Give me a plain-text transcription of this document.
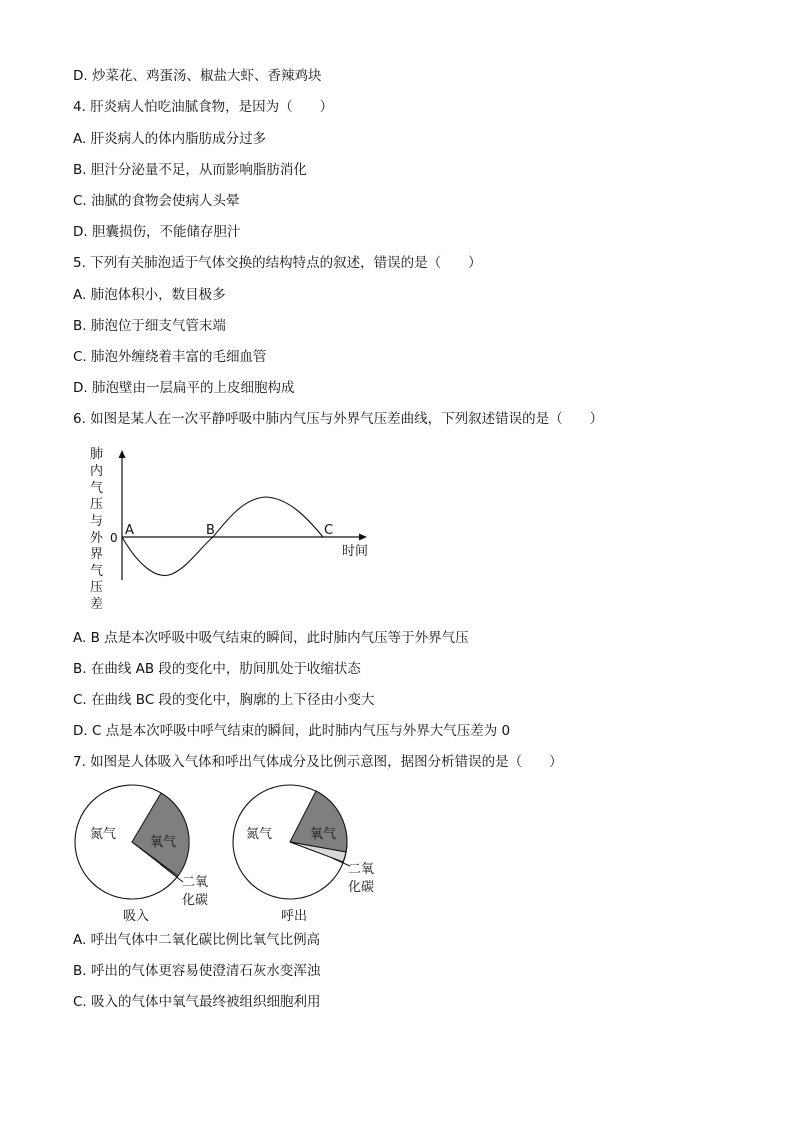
D. 炒菜花、鸡蛋汤、椒盐大虾、香辣鸡块
4. 肝炎病人怕吃油腻食物，是因为（　　）
A. 肝炎病人的体内脂肪成分过多
B. 胆汁分泌量不足，从而影响脂肪消化
C. 油腻的食物会使病人头晕
D. 胆囊损伤，不能储存胆汁
5. 下列有关肺泡适于气体交换的结构特点的叙述，错误的是（　　）
A. 肺泡体积小，数目极多
B. 肺泡位于细支气管末端
C. 肺泡外缠绕着丰富的毛细血管
D. 肺泡壁由一层扁平的上皮细胞构成
6. 如图是某人在一次平静呼吸中肺内气压与外界气压差曲线，下列叙述错误的是（　　）
肺
内
气
压
与
外
界
气
压
差
0
时间
A	B	C
A. B 点是本次呼吸中吸气结束的瞬间，此时肺内气压等于外界气压
B. 在曲线 AB 段的变化中，肋间肌处于收缩状态
C. 在曲线 BC 段的变化中，胸廓的上下径由小变大
D. C 点是本次呼吸中呼气结束的瞬间，此时肺内气压与外界大气压差为 0
7. 如图是人体吸入气体和呼出气体成分及比例示意图，据图分析错误的是（　　）
氮气
氧气
二氧
化碳
吸入
氮气	氧气
二氧
化碳
呼出
A. 呼出气体中二氧化碳比例比氧气比例高
B. 呼出的气体更容易使澄清石灰水变浑浊
C. 吸入的气体中氧气最终被组织细胞利用
